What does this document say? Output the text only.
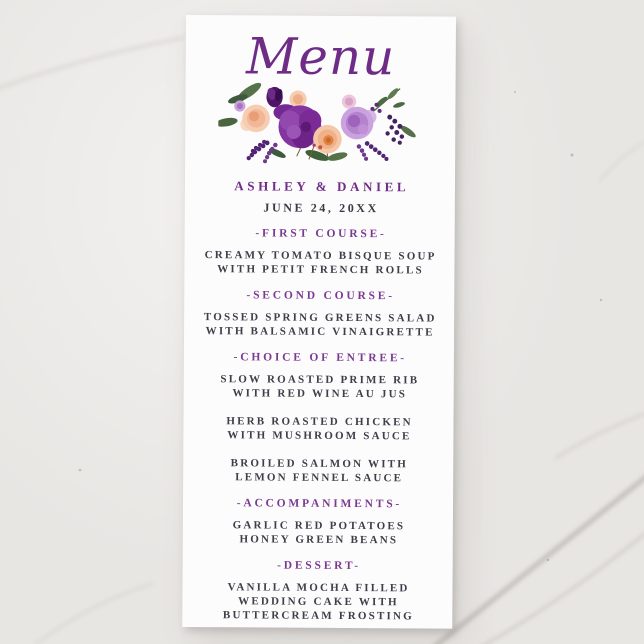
Menu
ASHLEY & DANIEL
JUNE 24, 20XX
-FIRST COURSE-
CREAMY TOMATO BISQUE SOUP
WITH PETIT FRENCH ROLLS
-SECOND COURSE-
TOSSED SPRING GREENS SALAD
WITH BALSAMIC VINAIGRETTE
-CHOICE OF ENTREE-
SLOW ROASTED PRIME RIB
WITH RED WINE AU JUS
HERB ROASTED CHICKEN
WITH MUSHROOM SAUCE
BROILED SALMON WITH
LEMON FENNEL SAUCE
-ACCOMPANIMENTS-
GARLIC RED POTATOES
HONEY GREEN BEANS
-DESSERT-
VANILLA MOCHA FILLED
WEDDING CAKE WITH
BUTTERCREAM FROSTING
